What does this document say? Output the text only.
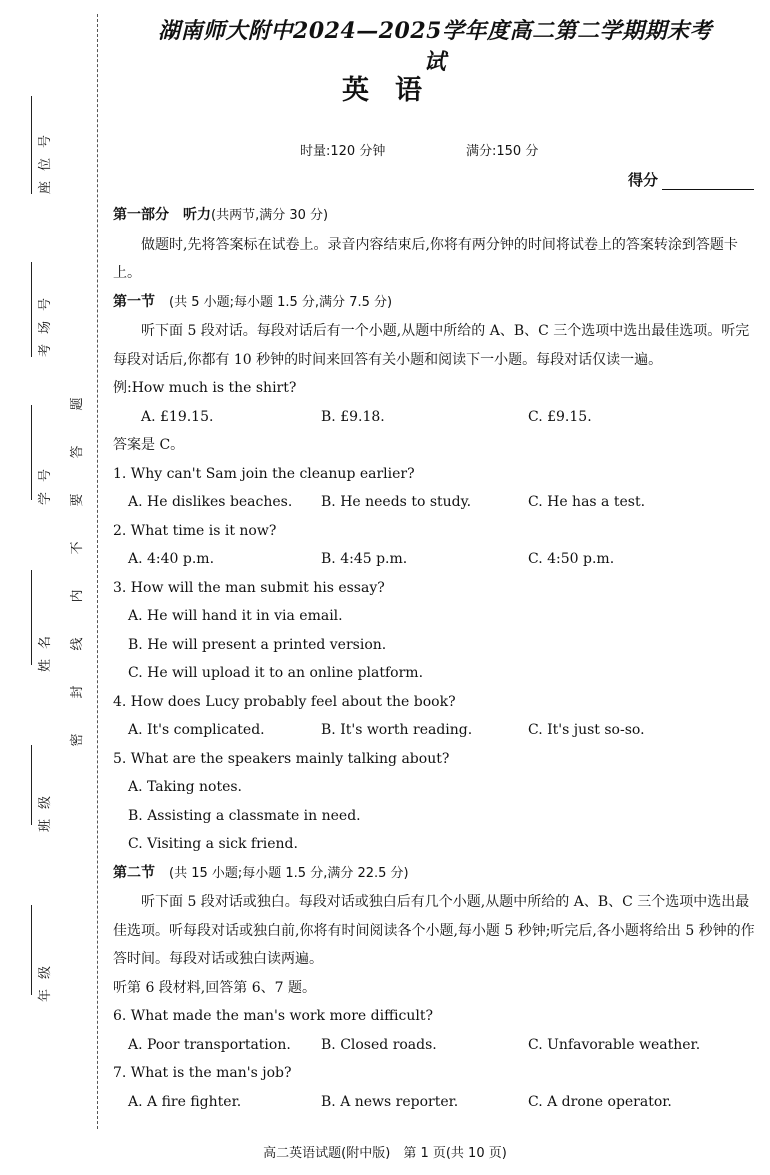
座位号
考场号
学号
姓名
班级
年级
题
答
要
不
内
线
封
密
湖南师大附中2024—2025学年度高二第二学期期末考试
英语
时量:120 分钟	满分:150 分
得分

第一部分　听力(共两节,满分 30 分)

做题时,先将答案标在试卷上。录音内容结束后,你将有两分钟的时间将试卷上的答案转涂到答题卡上。

第一节　 (共 5 小题;每小题 1.5 分,满分 7.5 分)

听下面 5 段对话。每段对话后有一个小题,从题中所给的 A、B、C 三个选项中选出最佳选项。听完每段对话后,你都有 10 秒钟的时间来回答有关小题和阅读下一小题。每段对话仅读一遍。

例:How much is the shirt?

A. £19.15.	B. £9.18.	C. £9.15.

答案是 C。

1. Why can't Sam join the cleanup earlier?

A. He dislikes beaches.	B. He needs to study.	C. He has a test.

2. What time is it now?

A. 4:40 p.m.	B. 4:45 p.m.	C. 4:50 p.m.

3. How will the man submit his essay?

A. He will hand it in via email.

B. He will present a printed version.

C. He will upload it to an online platform.

4. How does Lucy probably feel about the book?

A. It's complicated.	B. It's worth reading.	C. It's just so-so.

5. What are the speakers mainly talking about?

A. Taking notes.

B. Assisting a classmate in need.

C. Visiting a sick friend.

第二节　 (共 15 小题;每小题 1.5 分,满分 22.5 分)

听下面 5 段对话或独白。每段对话或独白后有几个小题,从题中所给的 A、B、C 三个选项中选出最佳选项。听每段对话或独白前,你将有时间阅读各个小题,每小题 5 秒钟;听完后,各小题将给出 5 秒钟的作答时间。每段对话或独白读两遍。

听第 6 段材料,回答第 6、7 题。

6. What made the man's work more difficult?

A. Poor transportation.	B. Closed roads.	C. Unfavorable weather.

7. What is the man's job?

A. A fire fighter.	B. A news reporter.	C. A drone operator.
高二英语试题(附中版)　第 1 页(共 10 页)
